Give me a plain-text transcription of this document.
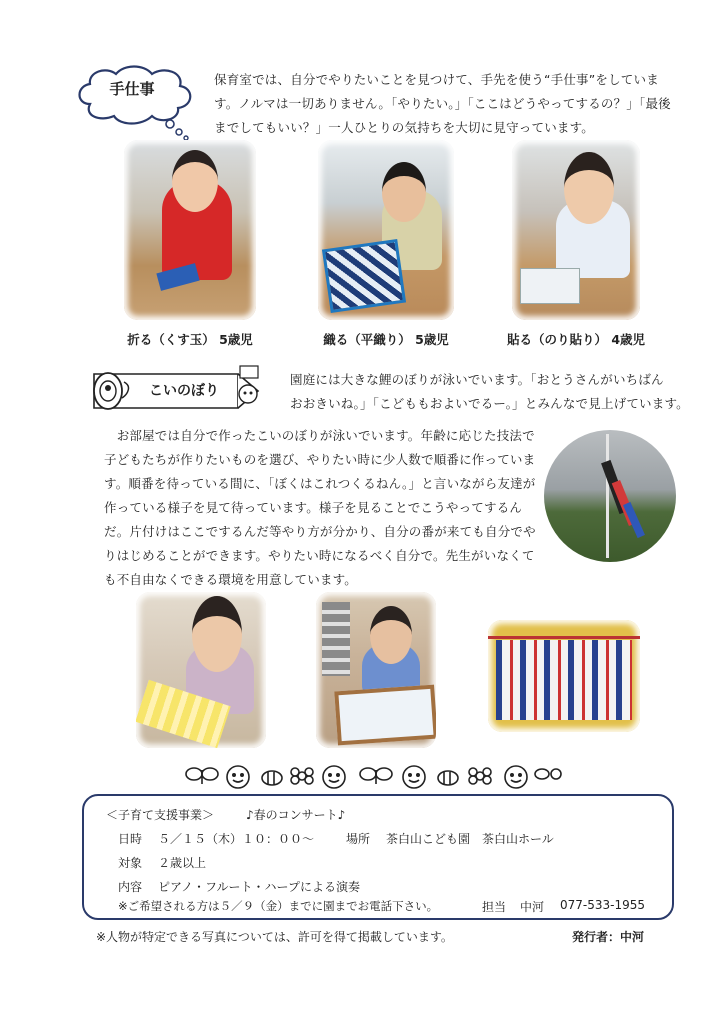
手仕事
保育室では、自分でやりたいことを見つけて、手先を使う“手仕事”をしていま
す。ノルマは一切ありません。「やりたい。」「ここはどうやってするの？」「最後
までしてもいい？」一人ひとりの気持ちを大切に見守っています。
折る（くす玉） 5歳児	織る（平織り） 5歳児	貼る（のり貼り） 4歳児
こいのぼり
園庭には大きな鯉のぼりが泳いでいます。「おとうさんがいちばん
おおきいね。」「こどももおよいでるー。」とみんなで見上げています。
　お部屋では自分で作ったこいのぼりが泳いでいます。年齢に応じた技法で
子どもたちが作りたいものを選び、やりたい時に少人数で順番に作っていま
す。順番を待っている間に、「ぼくはこれつくるねん。」と言いながら友達が
作っている様子を見て待っています。様子を見ることでこうやってするん
だ。片付けはここでするんだ等やり方が分かり、自分の番が来ても自分でや
りはじめることができます。やりたい時になるべく自分で。先生がいなくて
も不自由なくできる環境を用意しています。
＜子育て支援事業＞	♪春のコンサート♪
日時 ５／１５（木）１０：００～	場所 茶白山こども園　茶白山ホール
対象 ２歳以上
内容 ピアノ・フルート・ハープによる演奏
※ご希望される方は５／９（金）までに園までお電話下さい。	担当 中河 077-533-1955
※人物が特定できる写真については、許可を得て掲載しています。	発行者：中河
